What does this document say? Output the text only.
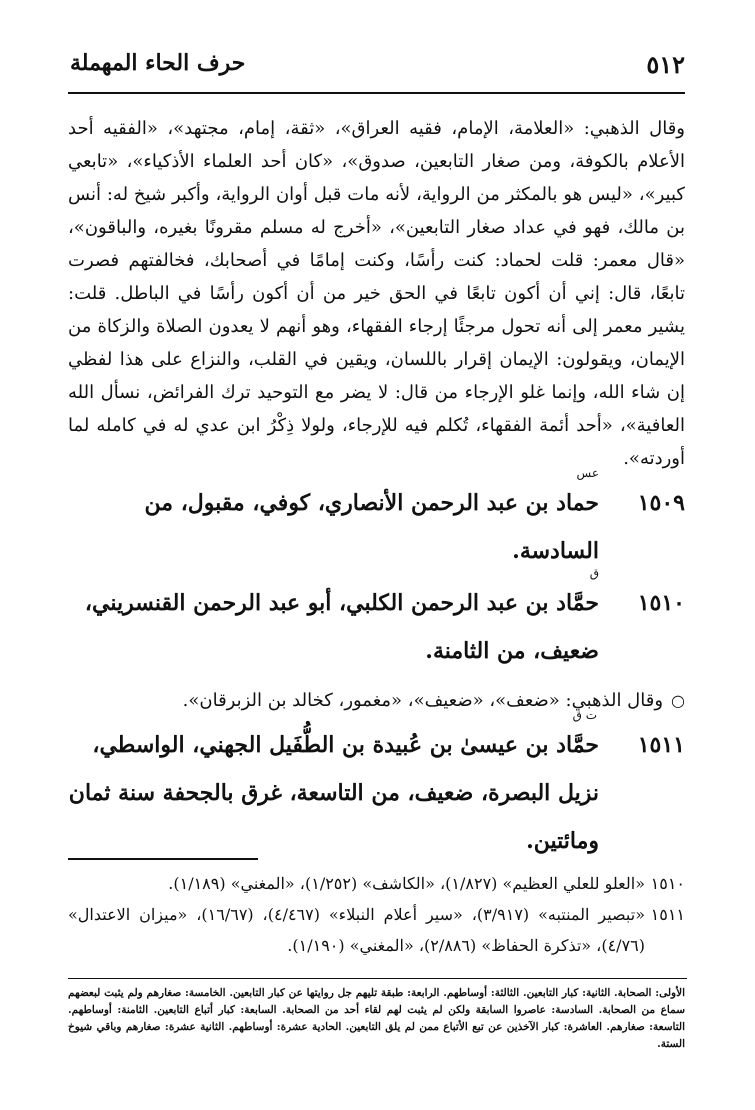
٥١٢
حرف الحاء المهملة

وقال الذهبي: «العلامة، الإمام، فقيه العراق»، «ثقة، إمام، مجتهد»، «الفقيه أحد الأعلام بالكوفة، ومن صغار التابعين، صدوق»، «كان أحد العلماء الأذكياء»، «تابعي كبير»، «ليس هو بالمكثر من الرواية، لأنه مات قبل أوان الرواية، وأكبر شيخ له: أنس بن مالك، فهو في عداد صغار التابعين»، «أخرج له مسلم مقرونًا بغيره، والباقون»، «قال معمر: قلت لحماد: كنت رأسًا، وكنت إمامًا في أصحابك، فخالفتهم فصرت تابعًا، قال: إني أن أكون تابعًا في الحق خير من أن أكون رأسًا في الباطل. قلت: يشير معمر إلى أنه تحول مرجئًا إرجاء الفقهاء، وهو أنهم لا يعدون الصلاة والزكاة من الإيمان، ويقولون: الإيمان إقرار باللسان، ويقين في القلب، والنزاع على هذا لفظي إن شاء الله، وإنما غلو الإرجاء من قال: لا يضر مع التوحيد ترك الفرائض، نسأل الله العافية»، «أحد أئمة الفقهاء، تُكلم فيه للإرجاء، ولولا ذِكْرُ ابن عدي له في كامله لما أوردته».

١٥٠٩
عس
حماد بن عبد الرحمن الأنصاري، كوفي، مقبول، من السادسة.
١٥١٠
ق
حمَّاد بن عبد الرحمن الكلبي، أبو عبد الرحمن القنسريني، ضعيف، من الثامنة.
○
وقال الذهبي: «ضعف»، «ضعيف»، «مغمور، كخالد بن الزبرقان».
١٥١١
ت ق
حمَّاد بن عيسىٰ بن عُبيدة بن الطُّفَيل الجهني، الواسطي، نزيل البصرة، ضعيف، من التاسعة، غرق بالجحفة سنة ثمان ومائتين.
١٥١٠
«العلو للعلي العظيم» (١/٨٢٧)، «الكاشف» (١/٢٥٢)، «المغني» (١/١٨٩).
١٥١١
«تبصير المنتبه» (٣/٩١٧)، «سير أعلام النبلاء» (٤/٤٦٧)، (١٦/٦٧)، «ميزان الاعتدال» (٤/٧٦)، «تذكرة الحفاظ» (٢/٨٨٦)، «المغني» (١/١٩٠).
الأولى: الصحابة. الثانية: كبار التابعين. الثالثة: أوساطهم. الرابعة: طبقة تليهم جل روايتها عن كبار التابعين. الخامسة: صغارهم ولم يثبت لبعضهم سماع من الصحابة. السادسة: عاصروا السابقة ولكن لم يثبت لهم لقاء أحد من الصحابة. السابعة: كبار أتباع التابعين. الثامنة: أوساطهم. التاسعة: صغارهم. العاشرة: كبار الآخذين عن تبع الأتباع ممن لم يلق التابعين. الحادية عشرة: أوساطهم. الثانية عشرة: صغارهم وباقي شيوخ الستة.
